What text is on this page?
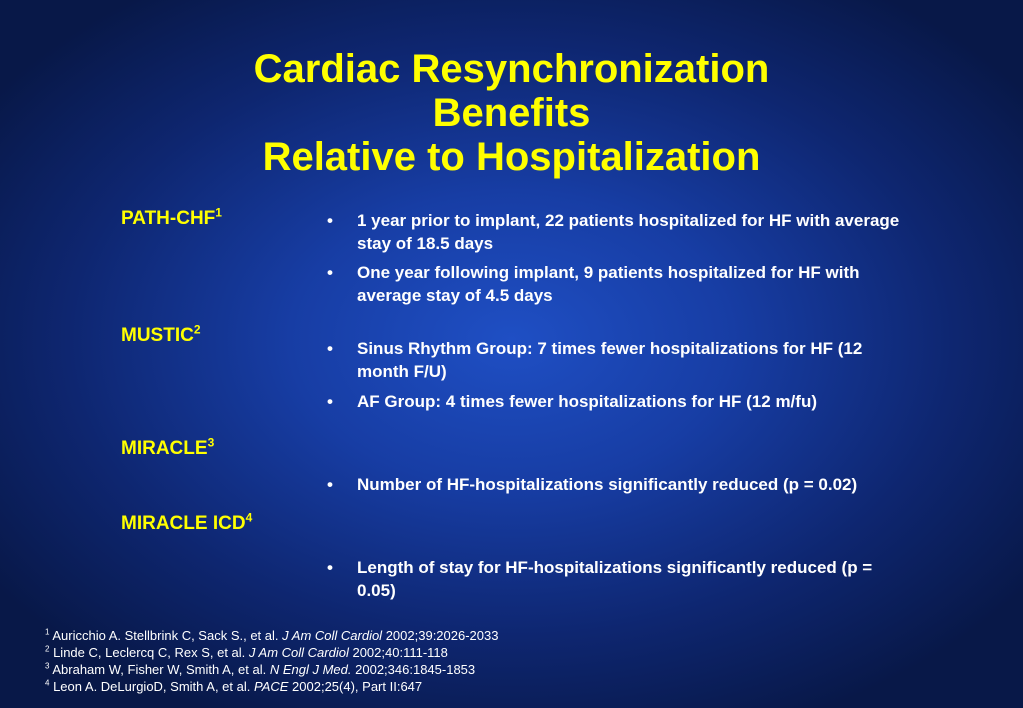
Cardiac Resynchronization
Benefits
Relative to Hospitalization
PATH-CHF$^1$
MUSTIC$^2$
MIRACLE$^3$
MIRACLE ICD$^4$
• 1 year prior to implant, 22 patients hospitalized for HF with average stay of 18.5 days
• One year following implant, 9 patients hospitalized for HF with average stay of 4.5 days
• Sinus Rhythm Group: 7 times fewer hospitalizations for HF (12 month F/U)
• AF Group: 4 times fewer hospitalizations for HF (12 m/fu)
• Number of HF-hospitalizations significantly reduced (p = 0.02)
• Length of stay for HF-hospitalizations significantly reduced (p = 0.05)
$^1$ Auricchio A. Stellbrink C, Sack S., et al. J Am Coll Cardiol 2002;39:2026-2033
$^2$ Linde C, Leclercq C, Rex S, et al. J Am Coll Cardiol 2002;40:111-118
$^3$ Abraham W, Fisher W, Smith A, et al. N Engl J Med. 2002;346:1845-1853
$^4$ Leon A. DeLurgioD, Smith A, et al. PACE 2002;25(4), Part II:647
